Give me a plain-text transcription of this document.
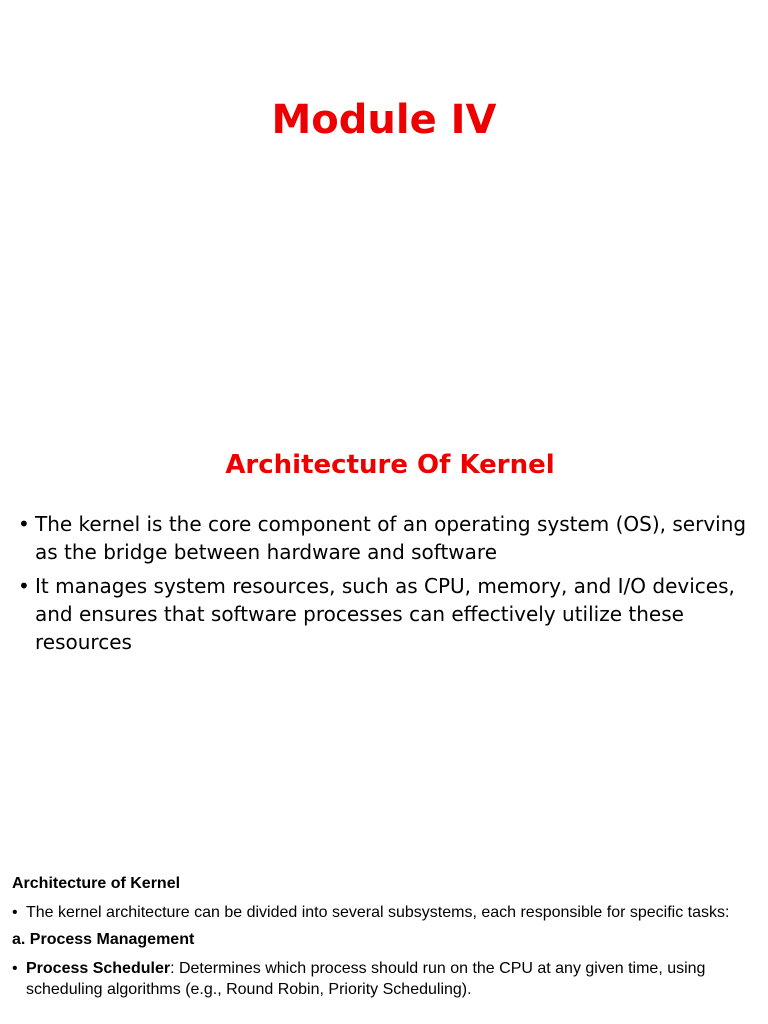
Module IV
Architecture Of Kernel
• The kernel is the core component of an operating system (OS), serving as the bridge between hardware and software
• It manages system resources, such as CPU, memory, and I/O devices, and ensures that software processes can effectively utilize these resources

Architecture of Kernel

• The kernel architecture can be divided into several subsystems, each responsible for specific tasks:

a. Process Management

• Process Scheduler: Determines which process should run on the CPU at any given time, using scheduling algorithms (e.g., Round Robin, Priority Scheduling).
